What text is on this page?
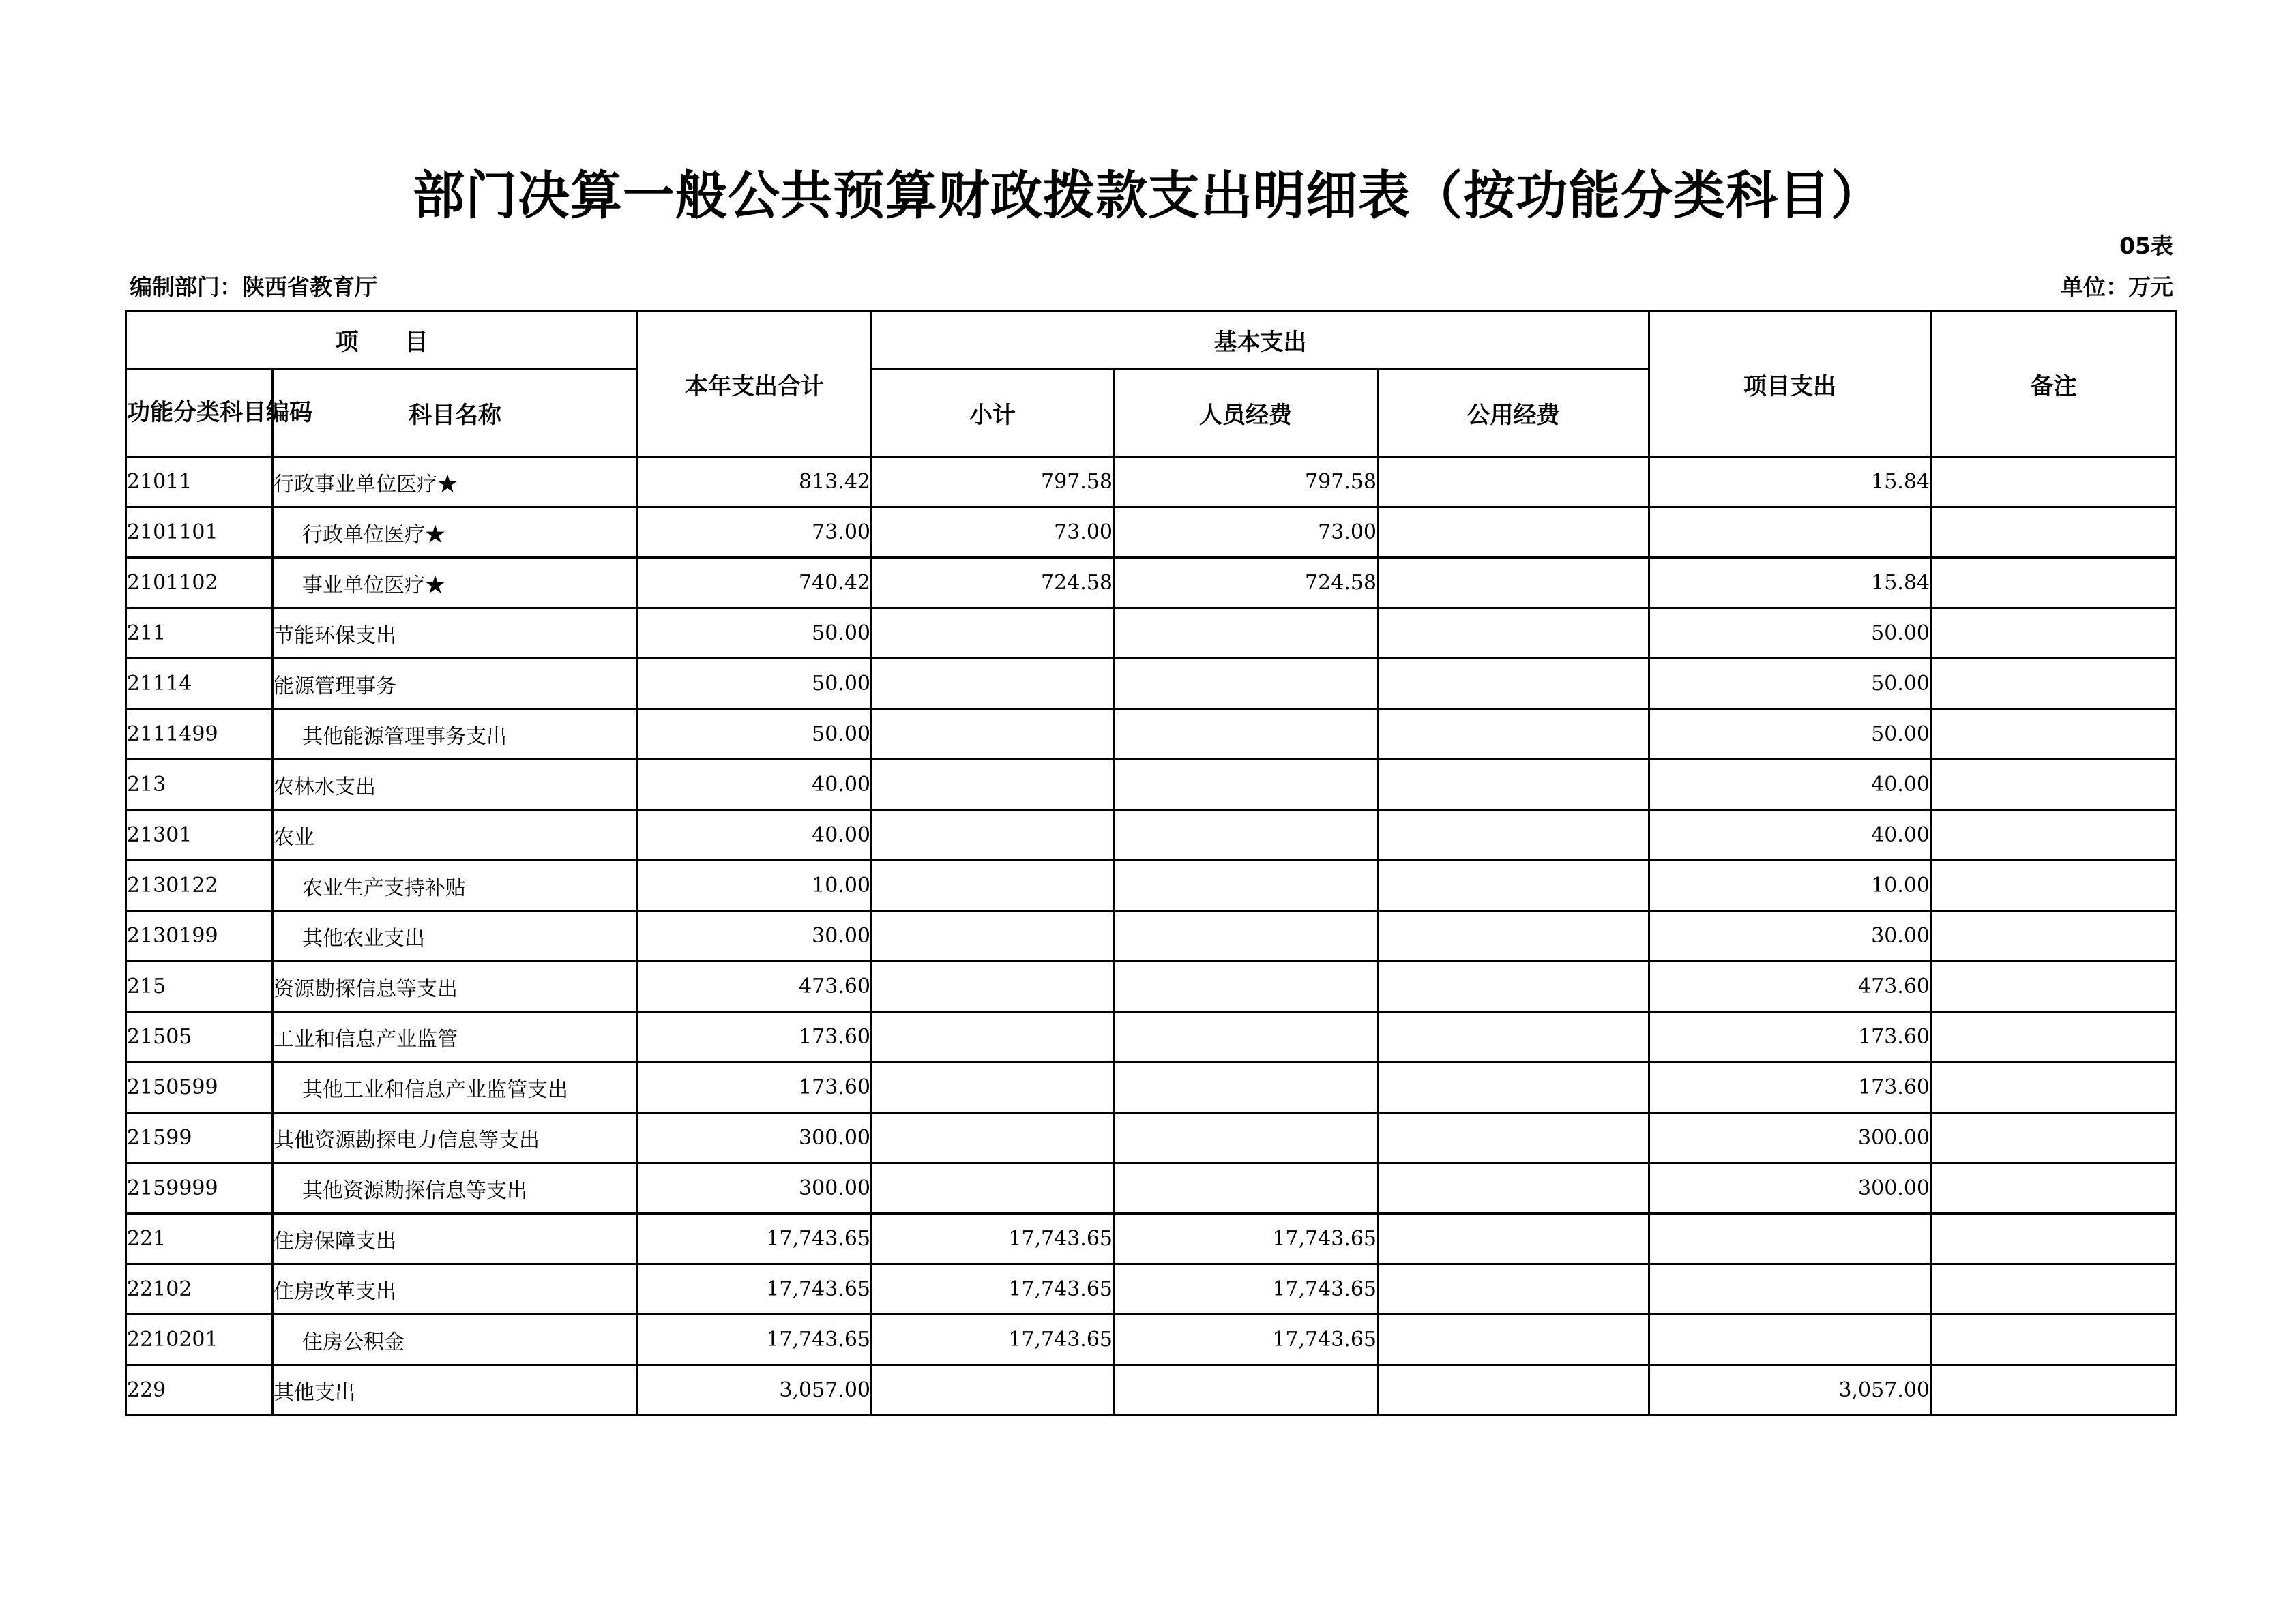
部门决算一般公共预算财政拨款支出明细表（按功能分类科目）
05表
编制部门：陕西省教育厅	单位：万元
项　　目		本年支出合计	基本支出			项目支出	备注
功能分类科目编码	科目名称		小计	人员经费	公用经费		
21011	行政事业单位医疗★	813.42	797.58	797.58		15.84	
2101101	行政单位医疗★	73.00	73.00	73.00			
2101102	事业单位医疗★	740.42	724.58	724.58		15.84	
211	节能环保支出	50.00				50.00	
21114	能源管理事务	50.00				50.00	
2111499	其他能源管理事务支出	50.00				50.00	
213	农林水支出	40.00				40.00	
21301	农业	40.00				40.00	
2130122	农业生产支持补贴	10.00				10.00	
2130199	其他农业支出	30.00				30.00	
215	资源勘探信息等支出	473.60				473.60	
21505	工业和信息产业监管	173.60				173.60	
2150599	其他工业和信息产业监管支出	173.60				173.60	
21599	其他资源勘探电力信息等支出	300.00				300.00	
2159999	其他资源勘探信息等支出	300.00				300.00	
221	住房保障支出	17,743.65	17,743.65	17,743.65			
22102	住房改革支出	17,743.65	17,743.65	17,743.65			
2210201	住房公积金	17,743.65	17,743.65	17,743.65			
229	其他支出	3,057.00				3,057.00	
